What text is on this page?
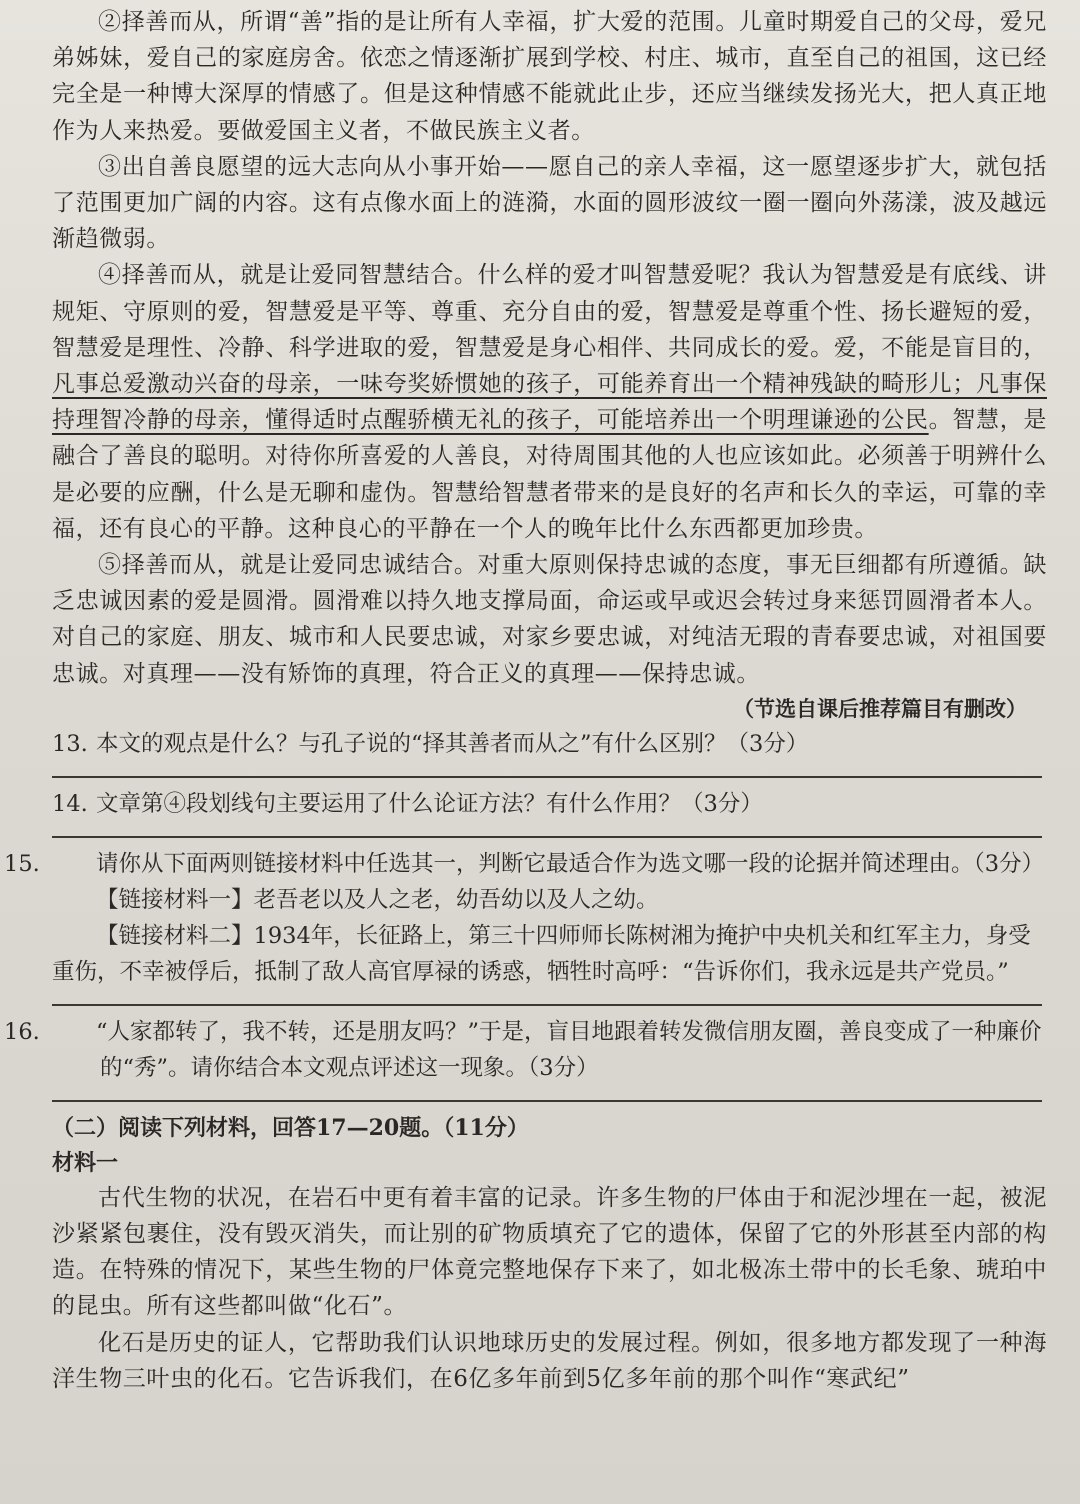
②择善而从，所谓“善”指的是让所有人幸福，扩大爱的范围。儿童时期爱自己的父母，爱兄弟姊妹，爱自己的家庭房舍。依恋之情逐渐扩展到学校、村庄、城市，直至自己的祖国，这已经完全是一种博大深厚的情感了。但是这种情感不能就此止步，还应当继续发扬光大，把人真正地作为人来热爱。要做爱国主义者，不做民族主义者。

③出自善良愿望的远大志向从小事开始——愿自己的亲人幸福，这一愿望逐步扩大，就包括了范围更加广阔的内容。这有点像水面上的涟漪，水面的圆形波纹一圈一圈向外荡漾，波及越远渐趋微弱。

④择善而从，就是让爱同智慧结合。什么样的爱才叫智慧爱呢？我认为智慧爱是有底线、讲规矩、守原则的爱，智慧爱是平等、尊重、充分自由的爱，智慧爱是尊重个性、扬长避短的爱，智慧爱是理性、冷静、科学进取的爱，智慧爱是身心相伴、共同成长的爱。爱，不能是盲目的，凡事总爱激动兴奋的母亲，一味夸奖娇惯她的孩子，可能养育出一个精神残缺的畸形儿；凡事保持理智冷静的母亲，懂得适时点醒骄横无礼的孩子，可能培养出一个明理谦逊的公民。智慧，是融合了善良的聪明。对待你所喜爱的人善良，对待周围其他的人也应该如此。必须善于明辨什么是必要的应酬，什么是无聊和虚伪。智慧给智慧者带来的是良好的名声和长久的幸运，可靠的幸福，还有良心的平静。这种良心的平静在一个人的晚年比什么东西都更加珍贵。

⑤择善而从，就是让爱同忠诚结合。对重大原则保持忠诚的态度，事无巨细都有所遵循。缺乏忠诚因素的爱是圆滑。圆滑难以持久地支撑局面，命运或早或迟会转过身来惩罚圆滑者本人。对自己的家庭、朋友、城市和人民要忠诚，对家乡要忠诚，对纯洁无瑕的青春要忠诚，对祖国要忠诚。对真理——没有矫饰的真理，符合正义的真理——保持忠诚。

（节选自课后推荐篇目有删改）

13. 本文的观点是什么？与孔子说的“择其善者而从之”有什么区别？（3分）

14. 文章第④段划线句主要运用了什么论证方法？有什么作用？（3分）

15. 请你从下面两则链接材料中任选其一，判断它最适合作为选文哪一段的论据并简述理由。（3分）

【链接材料一】老吾老以及人之老，幼吾幼以及人之幼。

【链接材料二】1934年，长征路上，第三十四师师长陈树湘为掩护中央机关和红军主力，身受重伤，不幸被俘后，抵制了敌人高官厚禄的诱惑，牺牲时高呼：“告诉你们，我永远是共产党员。”

16. “人家都转了，我不转，还是朋友吗？”于是，盲目地跟着转发微信朋友圈，善良变成了一种廉价的“秀”。请你结合本文观点评述这一现象。（3分）

（二）阅读下列材料，回答17—20题。（11分）

材料一

古代生物的状况，在岩石中更有着丰富的记录。许多生物的尸体由于和泥沙埋在一起，被泥沙紧紧包裹住，没有毁灭消失，而让别的矿物质填充了它的遗体，保留了它的外形甚至内部的构造。在特殊的情况下，某些生物的尸体竟完整地保存下来了，如北极冻土带中的长毛象、琥珀中的昆虫。所有这些都叫做“化石”。

化石是历史的证人，它帮助我们认识地球历史的发展过程。例如，很多地方都发现了一种海洋生物三叶虫的化石。它告诉我们，在6亿多年前到5亿多年前的那个叫作“寒武纪”
